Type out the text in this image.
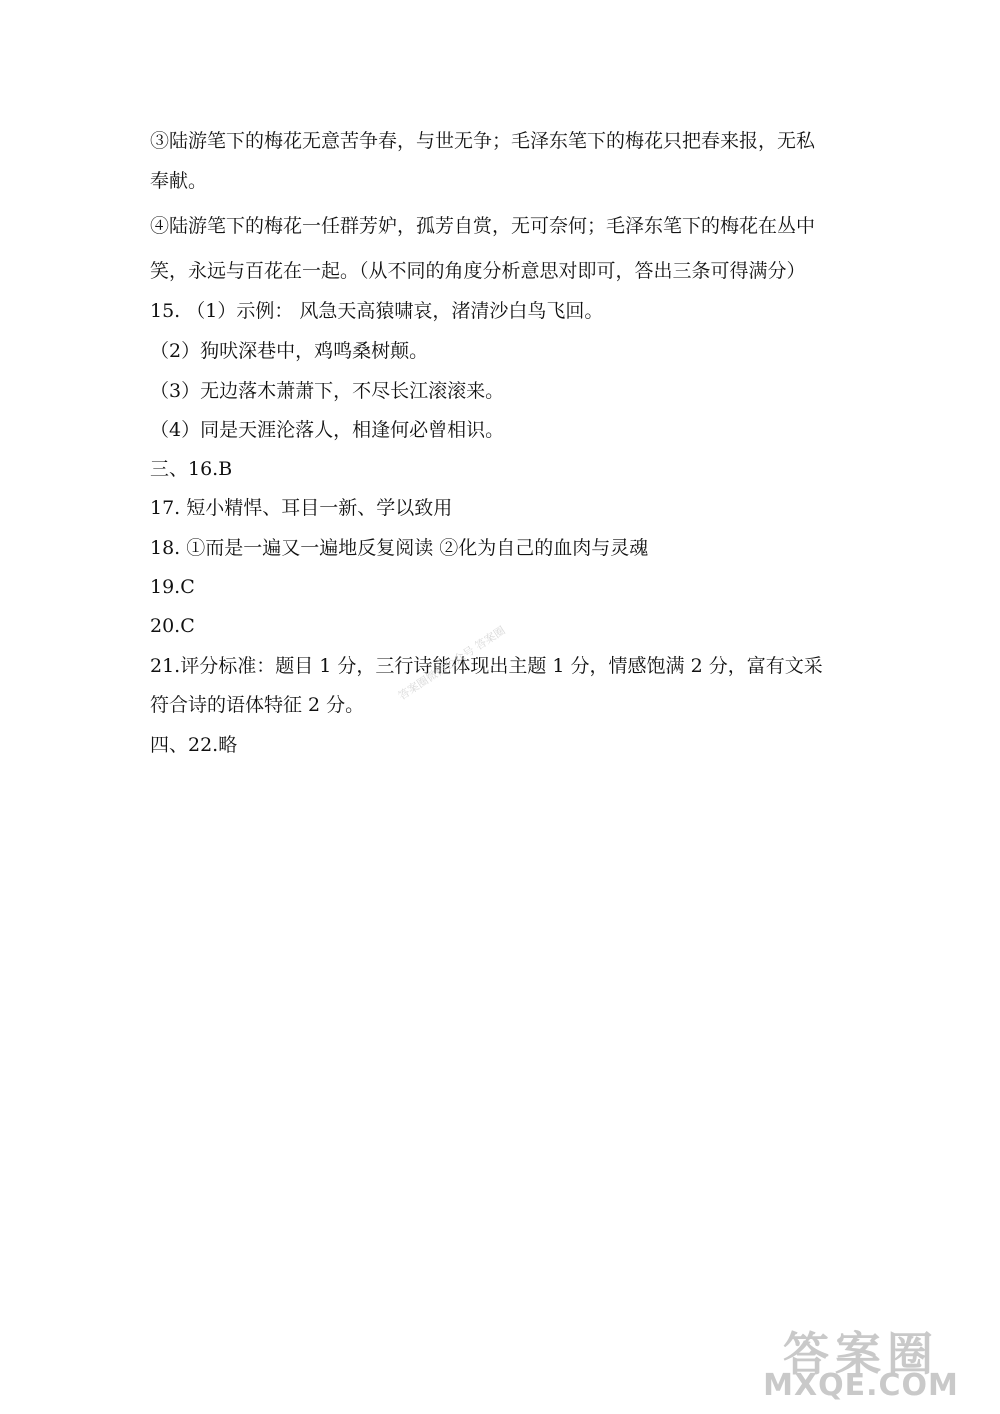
③陆游笔下的梅花无意苦争春，与世无争；毛泽东笔下的梅花只把春来报，无私
奉献。
④陆游笔下的梅花一任群芳妒，孤芳自赏，无可奈何；毛泽东笔下的梅花在丛中
笑，永远与百花在一起。（从不同的角度分析意思对即可，答出三条可得满分）
15. （1）示例： 风急天高猿啸哀，渚清沙白鸟飞回。
（2）狗吠深巷中，鸡鸣桑树颠。
（3）无边落木萧萧下，不尽长江滚滚来。
（4）同是天涯沦落人，相逢何必曾相识。
三、16.B
17. 短小精悍、耳目一新、学以致用
18. ①而是一遍又一遍地反复阅读 ②化为自己的血肉与灵魂
19.C
20.C
21.评分标准：题目 1 分，三行诗能体现出主题 1 分，情感饱满 2 分，富有文采
符合诗的语体特征 2 分。
四、22.略
答案圈微信公众号 答案圈
答案圈
MXQE.COM
